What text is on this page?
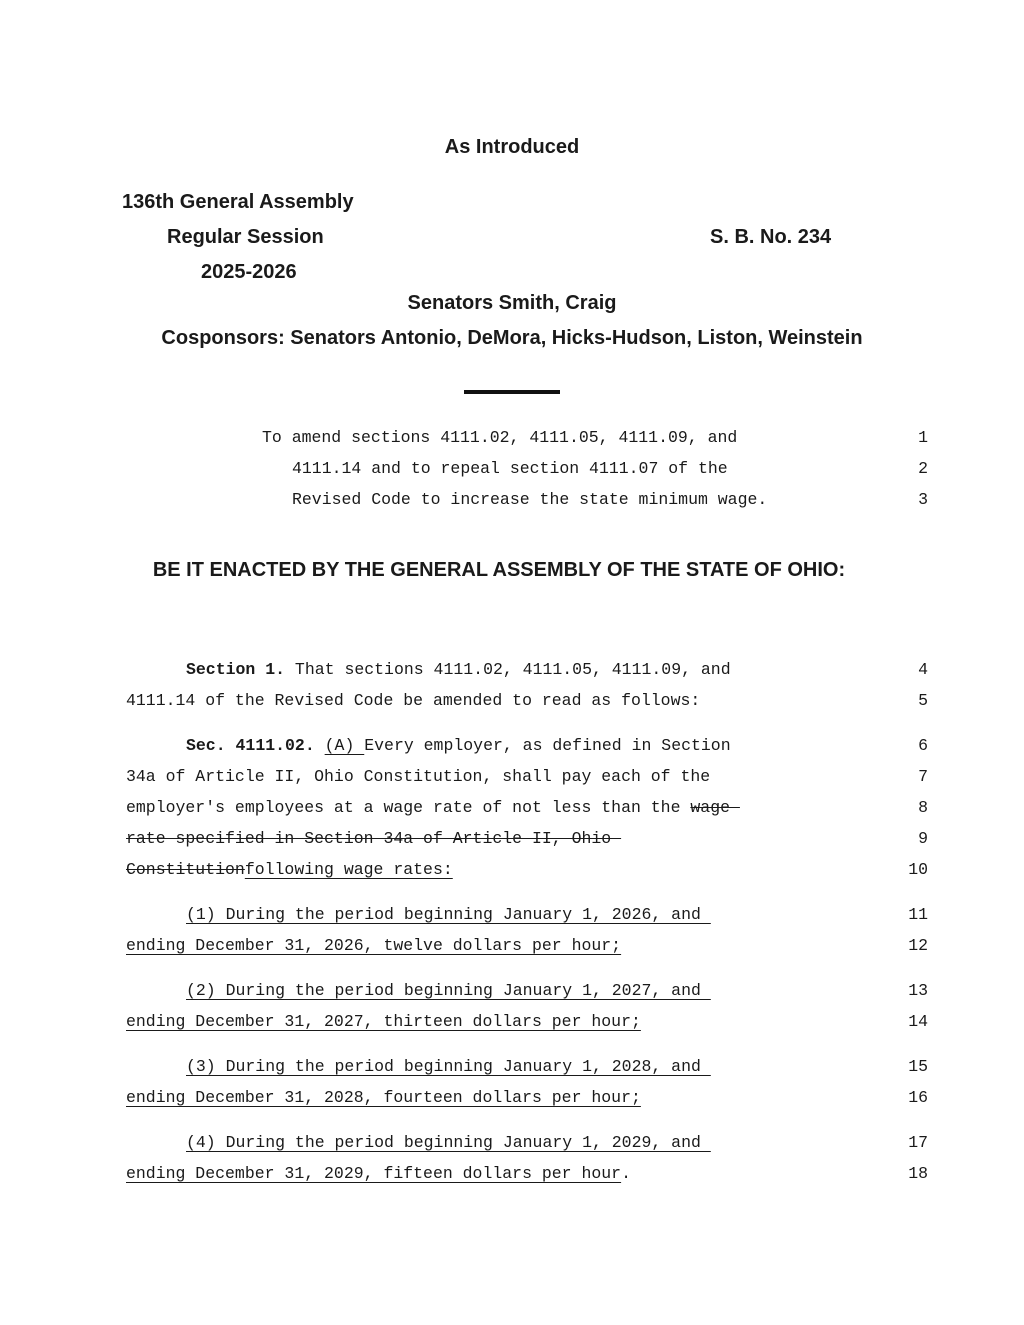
As Introduced
136th General Assembly
Regular Session	S. B. No. 234
2025-2026
Senators Smith, Craig
Cosponsors: Senators Antonio, DeMora, Hicks-Hudson, Liston, Weinstein
To amend sections 4111.02, 4111.05, 4111.09, and
4111.14 and to repeal section 4111.07 of the
Revised Code to increase the state minimum wage.
BE IT ENACTED BY THE GENERAL ASSEMBLY OF THE STATE OF OHIO:
Section 1. That sections 4111.02, 4111.05, 4111.09, and
4111.14 of the Revised Code be amended to read as follows:
Sec. 4111.02. (A) Every employer, as defined in Section
34a of Article II, Ohio Constitution, shall pay each of the
employer's employees at a wage rate of not less than the wage
rate specified in Section 34a of Article II, Ohio
Constitutionfollowing wage rates:
(1) During the period beginning January 1, 2026, and
ending December 31, 2026, twelve dollars per hour;
(2) During the period beginning January 1, 2027, and
ending December 31, 2027, thirteen dollars per hour;
(3) During the period beginning January 1, 2028, and
ending December 31, 2028, fourteen dollars per hour;
(4) During the period beginning January 1, 2029, and
ending December 31, 2029, fifteen dollars per hour.
1
2
3
4
5
6
7
8
9
10
11
12
13
14
15
16
17
18
